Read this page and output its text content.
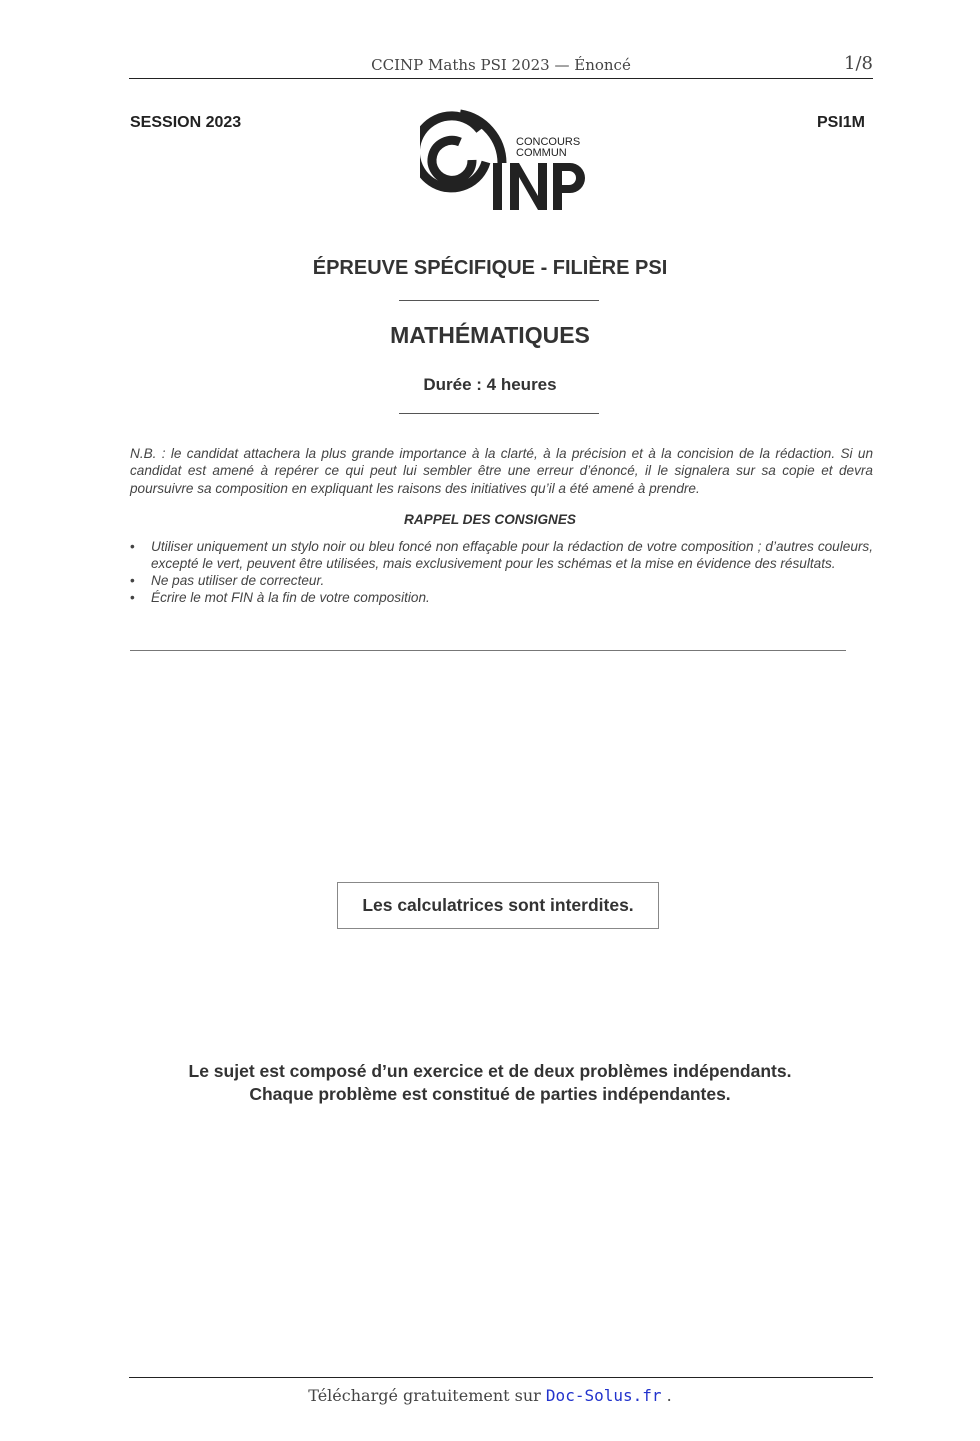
CCINP Maths PSI 2023 — Énoncé	1/8
SESSION 2023	PSI1M
CONCOURS
COMMUN
ÉPREUVE SPÉCIFIQUE - FILIÈRE PSI
MATHÉMATIQUES
Durée : 4 heures
N.B. : le candidat attachera la plus grande importance à la clarté, à la précision et à la concision de la rédaction. Si un candidat est amené à repérer ce qui peut lui sembler être une erreur d’énoncé, il le signalera sur sa copie et devra poursuivre sa composition en expliquant les raisons des initiatives qu’il a été amené à prendre.
RAPPEL DES CONSIGNES
• Utiliser uniquement un stylo noir ou bleu foncé non effaçable pour la rédaction de votre composition ; d’autres couleurs, excepté le vert, peuvent être utilisées, mais exclusivement pour les schémas et la mise en évidence des résultats.
• Ne pas utiliser de correcteur.
• Écrire le mot FIN à la fin de votre composition.
Les calculatrices sont interdites.
Le sujet est composé d’un exercice et de deux problèmes indépendants.
Chaque problème est constitué de parties indépendantes.
Téléchargé gratuitement sur Doc-Solus.fr .
